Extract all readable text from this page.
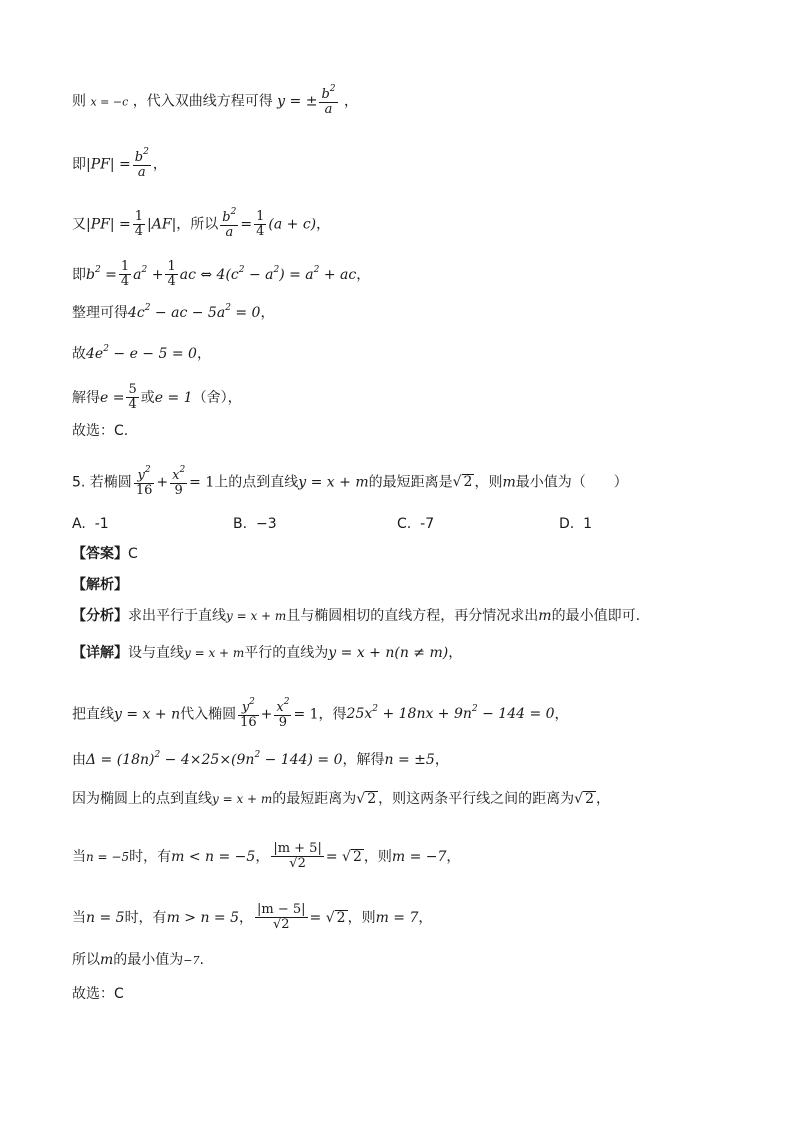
则 x = −c ，代入双曲线方程可得 y = ± $\frac{b^2}{a}$ ，
即$|PF| = \frac{b^2}{a}$ ，
又$|PF| = \frac{1}{4} |AF|$，所以 $\frac{b^2}{a} = \frac{1}{4} (a + c)$，
即$b^2 = \frac{1}{4} a^2 + \frac{1}{4}$ ac ⇔ $4(c^2 - a^2) = a^2$ + ac，
整理可得$4c^2$ − ac − $5a^2 = 0$，
故$4e^2 - e - 5 = 0$，
解得$e = \frac{5}{4}$ 或e = 1（舍），
故选：C.
5. 若椭圆 $\frac{y^2}{16} + \frac{x^2}{9} = 1$上的点到直线y = x + m的最短距离是√ 2 ，则m最小值为（　　）
A. -1	B. −3	C. -7	D. 1
【答案】C
【解析】
【分析】求出平行于直线y = x + m且与椭圆相切的直线方程，再分情况求出m的最小值即可.
【详解】设与直线y = x + m平行的直线为y = x + n(n ≠ m)，
把直线y = x + n代入椭圆 $\frac{y^2}{16} + \frac{x^2}{9} = 1$，得$25x^2 + 18nx + 9n^2 - 144 = 0$，
由$\Delta = (18n)^2 - 4\times 25\times(9n^2 - 144) = 0$，解得n = ±5，
因为椭圆上的点到直线y = x + m的最短距离为√ 2 ，则这两条平行线之间的距离为√ 2 ，
当n = −5时，有m < n = −5， $\frac{|m + 5|}{√2}$ = √ 2 ，则m = −7，
当n = 5时，有m > n = 5， $\frac{|m - 5|}{√2}$ = √ 2 ，则m = 7，
所以m的最小值为−7.
故选：C
